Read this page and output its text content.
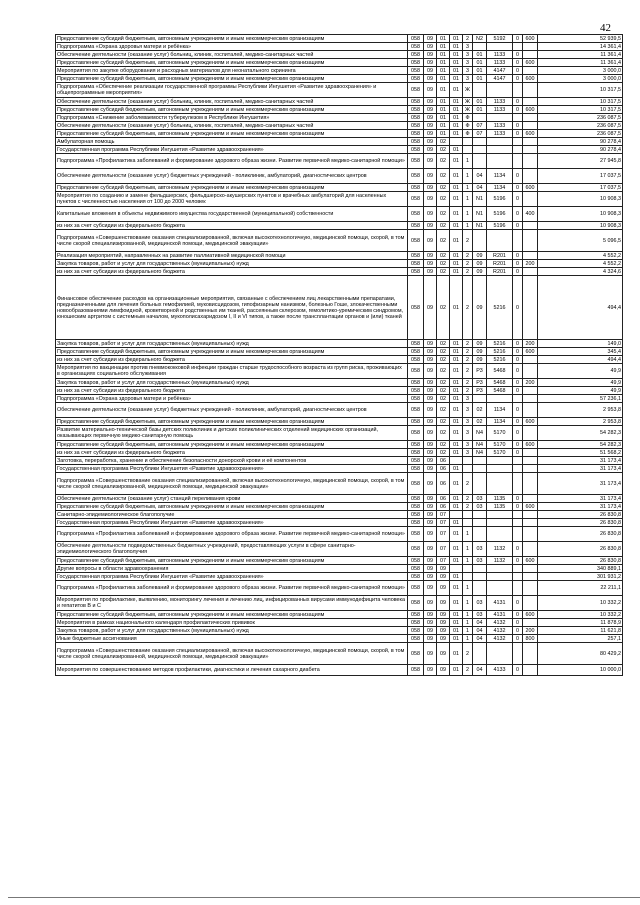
42
Предоставление субсидий бюджетным, автономным учреждениям и иным некоммерческим организациям	058	09	01	01	2	N2	5192	0	600	52 939,5
Подпрограмма «Охрана здоровья матери и ребёнка»	058	09	01	01	3					14 361,4
Обеспечение деятельности (оказание услуг) больниц, клиник, госпиталей, медико-санитарных частей	058	09	01	01	3	01	1133	0		11 361,4
Предоставление субсидий бюджетным, автономным учреждениям и иным некоммерческим организациям	058	09	01	01	3	01	1133	0	600	11 361,4
Мероприятия по закупке оборудования и расходных материалов для неонатального скрининга	058	09	01	01	3	01	4147	0		3 000,0
Предоставление субсидий бюджетным, автономным учреждениям и иным некоммерческим организациям	058	09	01	01	3	01	4147	0	600	3 000,0
Подпрограмма «Обеспечение реализации государственной программы Республики Ингушетия «Развитие здравоохранения» и общепрограммные мероприятия»	058	09	01	01	Ж					10 317,5
Обеспечение деятельности (оказание услуг) больниц, клиник, госпиталей, медико-санитарных частей	058	09	01	01	Ж	01	1133	0		10 317,5
Предоставление субсидий бюджетным, автономным учреждениям и иным некоммерческим организациям	058	09	01	01	Ж	01	1133	0	600	10 317,5
Подпрограмма «Снижение заболеваемости туберкулезом в Республике Ингушетия»	058	09	01	01	Ф					236 087,5
Обеспечение деятельности (оказание услуг) больниц, клиник, госпиталей, медико-санитарных частей	058	09	01	01	Ф	07	1133	0		236 087,5
Предоставление субсидий бюджетным, автономным учреждениям и иным некоммерческим организациям	058	09	01	01	Ф	07	1133	0	600	236 087,5
Амбулаторная помощь	058	09	02							90 278,4
Государственная программа Республики Ингушетия «Развитие здравоохранения»	058	09	02	01						90 278,4
Подпрограмма «Профилактика заболеваний и формирование здорового образа жизни. Развитие первичной медико-санитарной помощи»	058	09	02	01	1					27 945,8
Обеспечение деятельности (оказание услуг) бюджетных учреждений - поликлиник, амбулаторий, диагностических центров	058	09	02	01	1	04	1134	0		17 037,5
Предоставление субсидий бюджетным, автономным учреждениям и иным некоммерческим организациям	058	09	02	01	1	04	1134	0	600	17 037,5
Мероприятия по созданию и замене фельдшерских, фельдшерско-акушерских пунктов и врачебных амбулаторий для населенных пунктов с численностью населения от 100 до 2000 человек	058	09	02	01	1	N1	5196	0		10 908,3
Капитальные вложения в объекты недвижимого имущества государственной (муниципальной) собственности	058	09	02	01	1	N1	5196	0	400	10 908,3
из них за счет субсидии из федерального бюджета	058	09	02	01	1	N1	5196	0		10 908,3
Подпрограмма «Совершенствование оказания специализированной, включая высокотехнологичную, медицинской помощи, скорой, в том числе скорой специализированной, медицинской помощи, медицинской эвакуации»	058	09	02	01	2					5 096,5
Реализация мероприятий, направленных на развитие паллиативной медицинской помощи	058	09	02	01	2	09	R201	0		4 552,2
Закупка товаров, работ и услуг для государственных (муниципальных) нужд	058	09	02	01	2	09	R201	0	200	4 552,2
из них за счет субсидии из федерального бюджета	058	09	02	01	2	09	R201	0		4 324,6
Финансовое обеспечение расходов на организационные мероприятия, связанные с обеспечением лиц лекарственными препаратами, предназначенными для лечения больных гемофилией, муковисцидозом, гипофизарным нанизмом, болезнью Гоше, злокачественными новообразованиями лимфоидной, кроветворной и родственных им тканей, рассеянным склерозом, гемолитико-уремическим синдромом, юношеским артритом с системным началом, мукополисахаридозом I, II и VI типов, а также после трансплантации органов и (или) тканей	058	09	02	01	2	09	5216	0		494,4
Закупка товаров, работ и услуг для государственных (муниципальных) нужд	058	09	02	01	2	09	5216	0	200	149,0
Предоставление субсидий бюджетным, автономным учреждениям и иным некоммерческим организациям	058	09	02	01	2	09	5216	0	600	345,4
из них за счет субсидии из федерального бюджета	058	09	02	01	2	09	5216	0		494,4
Мероприятия по вакцинации против пневмококковой инфекции граждан старше трудоспособного возраста из групп риска, проживающих в организациях социального обслуживания	058	09	02	01	2	P3	5468	0		49,9
Закупка товаров, работ и услуг для государственных (муниципальных) нужд	058	09	02	01	2	P3	5468	0	200	49,9
из них за счет субсидии из федерального бюджета	058	09	02	01	2	P3	5468	0		49,9
Подпрограмма «Охрана здоровья матери и ребёнка»	058	09	02	01	3					57 236,1
Обеспечение деятельности (оказание услуг) бюджетных учреждений - поликлиник, амбулаторий, диагностических центров	058	09	02	01	3	02	1134	0		2 953,8
Предоставление субсидий бюджетным, автономным учреждениям и иным некоммерческим организациям	058	09	02	01	3	02	1134	0	600	2 953,8
Развитие материально-технической базы детских поликлиник и детских поликлинических отделений медицинских организаций, оказывающих первичную медико-санитарную помощь	058	09	02	01	3	N4	5170	0		54 282,3
Предоставление субсидий бюджетным, автономным учреждениям и иным некоммерческим организациям	058	09	02	01	3	N4	5170	0	600	54 282,3
из них за счет субсидии из федерального бюджета	058	09	02	01	3	N4	5170	0		51 568,2
Заготовка, переработка, хранение и обеспечение безопасности донорской крови и её компонентов	058	09	06							31 173,4
Государственная программа Республики Ингушетия «Развитие здравоохранения»	058	09	06	01						31 173,4
Подпрограмма «Совершенствование оказания специализированной, включая высокотехнологичную, медицинской помощи, скорой, в том числе скорой специализированной, медицинской помощи, медицинской эвакуации»	058	09	06	01	2					31 173,4
Обеспечение деятельности (оказание услуг) станций переливания крови	058	09	06	01	2	03	1135	0		31 173,4
Предоставление субсидий бюджетным, автономным учреждениям и иным некоммерческим организациям	058	09	06	01	2	03	1135	0	600	31 173,4
Санитарно-эпидемиологическое благополучие	058	09	07							26 830,8
Государственная программа Республики Ингушетия «Развитие здравоохранения»	058	09	07	01						26 830,8
Подпрограмма «Профилактика заболеваний и формирование здорового образа жизни. Развитие первичной медико-санитарной помощи»	058	09	07	01	1					26 830,8
Обеспечение деятельности подведомственных бюджетных учреждений, предоставляющих услуги в сфере санитарно-эпидемиологического благополучия	058	09	07	01	1	03	1132	0		26 830,8
Предоставление субсидий бюджетным, автономным учреждениям и иным некоммерческим организациям	058	09	07	01	1	03	1132	0	600	26 830,8
Другие вопросы в области здравоохранения	058	09	09							340 889,1
Государственная программа Республики Ингушетия «Развитие здравоохранения»	058	09	09	01						301 931,2
Подпрограмма «Профилактика заболеваний и формирование здорового образа жизни. Развитие первичной медико-санитарной помощи»	058	09	09	01	1					22 211,1
Мероприятия по профилактике, выявлению, мониторингу лечения и лечению лиц, инфицированных вирусами иммунодефицита человека и гепатитов В и С	058	09	09	01	1	03	4131	0		10 332,2
Предоставление субсидий бюджетным, автономным учреждениям и иным некоммерческим организациям	058	09	09	01	1	03	4131	0	600	10 332,2
Мероприятия в рамках национального календаря профилактических прививок	058	09	09	01	1	04	4132	0		11 878,9
Закупка товаров, работ и услуг для государственных (муниципальных) нужд	058	09	09	01	1	04	4132	0	200	11 621,8
Иные бюджетные ассигнования	058	09	09	01	1	04	4132	0	800	257,1
Подпрограмма «Совершенствование оказания специализированной, включая высокотехнологичную, медицинской помощи, скорой, в том числе скорой специализированной, медицинской помощи, медицинской эвакуации»	058	09	09	01	2					80 429,2
Мероприятия по совершенствованию методов профилактики, диагностики и лечения сахарного диабета	058	09	09	01	2	04	4133	0		10 000,0
